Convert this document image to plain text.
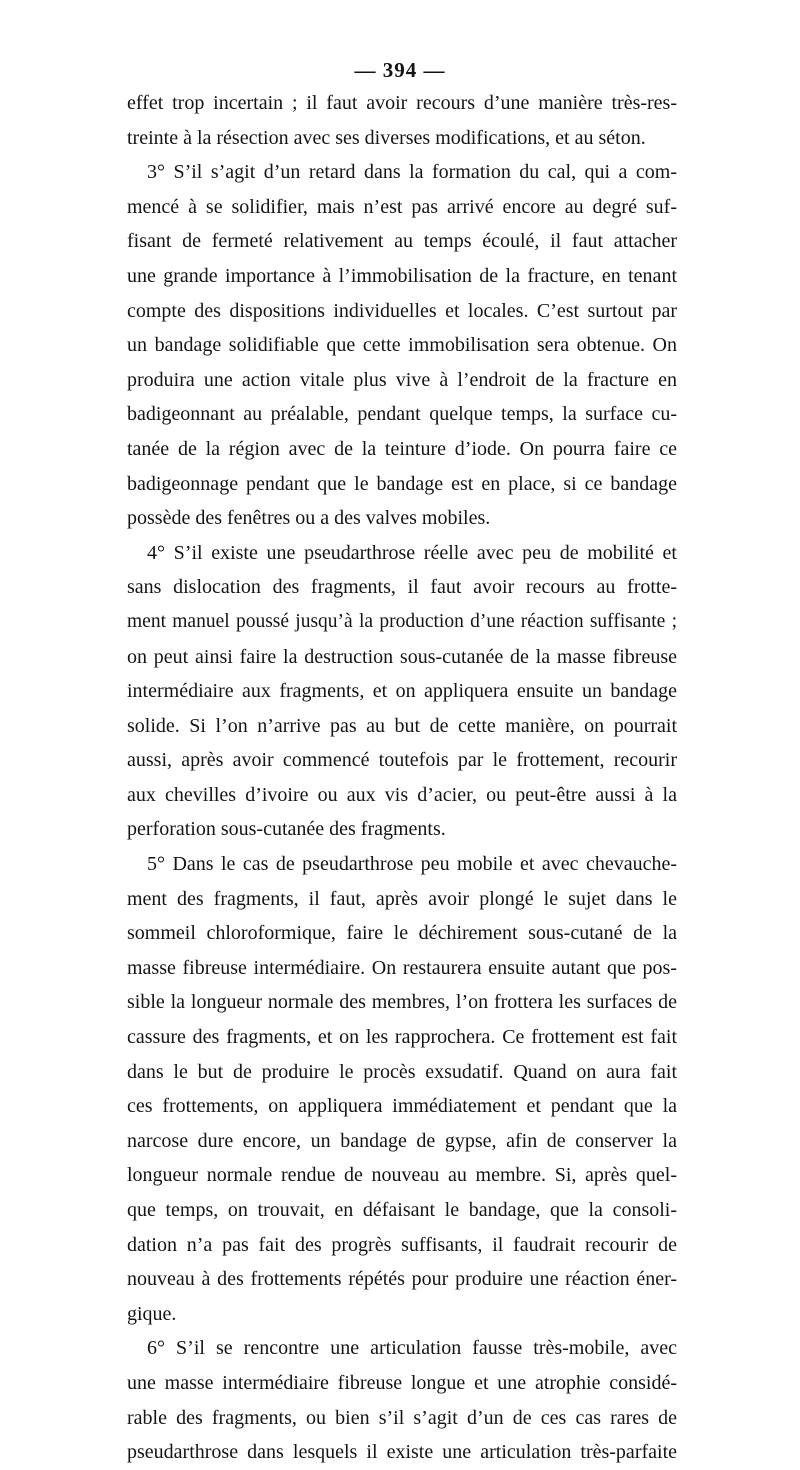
— 394 —
effet trop incertain ; il faut avoir recours d’une manière très-res-
treinte à la résection avec ses diverses modifications, et au séton.
3° S’il s’agit d’un retard dans la formation du cal, qui a com-
mencé à se solidifier, mais n’est pas arrivé encore au degré suf-
fisant de fermeté relativement au temps écoulé, il faut attacher
une grande importance à l’immobilisation de la fracture, en tenant
compte des dispositions individuelles et locales. C’est surtout par
un bandage solidifiable que cette immobilisation sera obtenue. On
produira une action vitale plus vive à l’endroit de la fracture en
badigeonnant au préalable, pendant quelque temps, la surface cu-
tanée de la région avec de la teinture d’iode. On pourra faire ce
badigeonnage pendant que le bandage est en place, si ce bandage
possède des fenêtres ou a des valves mobiles.
4° S’il existe une pseudarthrose réelle avec peu de mobilité et
sans dislocation des fragments, il faut avoir recours au frotte-
ment manuel poussé jusqu’à la production d’une réaction suffisante ;
on peut ainsi faire la destruction sous-cutanée de la masse fibreuse
intermédiaire aux fragments, et on appliquera ensuite un bandage
solide. Si l’on n’arrive pas au but de cette manière, on pourrait
aussi, après avoir commencé toutefois par le frottement, recourir
aux chevilles d’ivoire ou aux vis d’acier, ou peut-être aussi à la
perforation sous-cutanée des fragments.
5° Dans le cas de pseudarthrose peu mobile et avec chevauche-
ment des fragments, il faut, après avoir plongé le sujet dans le
sommeil chloroformique, faire le déchirement sous-cutané de la
masse fibreuse intermédiaire. On restaurera ensuite autant que pos-
sible la longueur normale des membres, l’on frottera les surfaces de
cassure des fragments, et on les rapprochera. Ce frottement est fait
dans le but de produire le procès exsudatif. Quand on aura fait
ces frottements, on appliquera immédiatement et pendant que la
narcose dure encore, un bandage de gypse, afin de conserver la
longueur normale rendue de nouveau au membre. Si, après quel-
que temps, on trouvait, en défaisant le bandage, que la consoli-
dation n’a pas fait des progrès suffisants, il faudrait recourir de
nouveau à des frottements répétés pour produire une réaction éner-
gique.
6° S’il se rencontre une articulation fausse très-mobile, avec
une masse intermédiaire fibreuse longue et une atrophie considé-
rable des fragments, ou bien s’il s’agit d’un de ces cas rares de
pseudarthrose dans lesquels il existe une articulation très-parfaite
